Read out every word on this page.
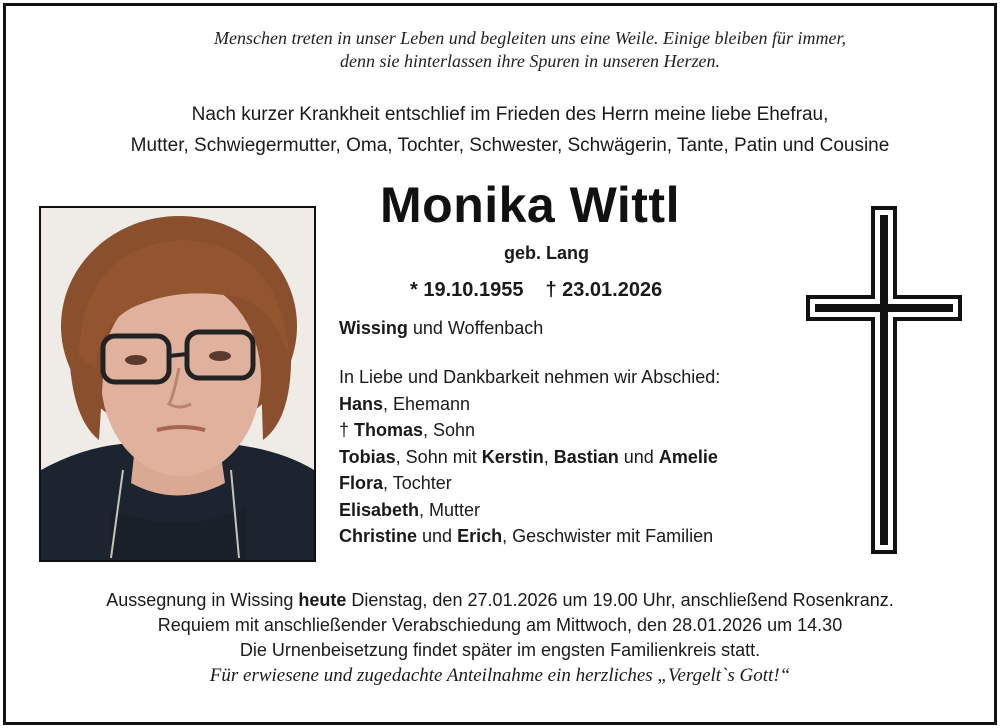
Menschen treten in unser Leben und begleiten uns eine Weile. Einige bleiben für immer,
denn sie hinterlassen ihre Spuren in unseren Herzen.
Nach kurzer Krankheit entschlief im Frieden des Herrn meine liebe Ehefrau,
Mutter, Schwiegermutter, Oma, Tochter, Schwester, Schwägerin, Tante, Patin und Cousine
Monika Wittl
geb. Lang
* 19.10.1955 † 23.01.2026
Wissing und Woffenbach
In Liebe und Dankbarkeit nehmen wir Abschied:
Hans, Ehemann
† Thomas, Sohn
Tobias, Sohn mit Kerstin, Bastian und Amelie
Flora, Tochter
Elisabeth, Mutter
Christine und Erich, Geschwister mit Familien
Aussegnung in Wissing heute Dienstag, den 27.01.2026 um 19.00 Uhr, anschließend Rosenkranz.
Requiem mit anschließender Verabschiedung am Mittwoch, den 28.01.2026 um 14.30
Die Urnenbeisetzung findet später im engsten Familienkreis statt.
Für erwiesene und zugedachte Anteilnahme ein herzliches „Vergelt`s Gott!“
